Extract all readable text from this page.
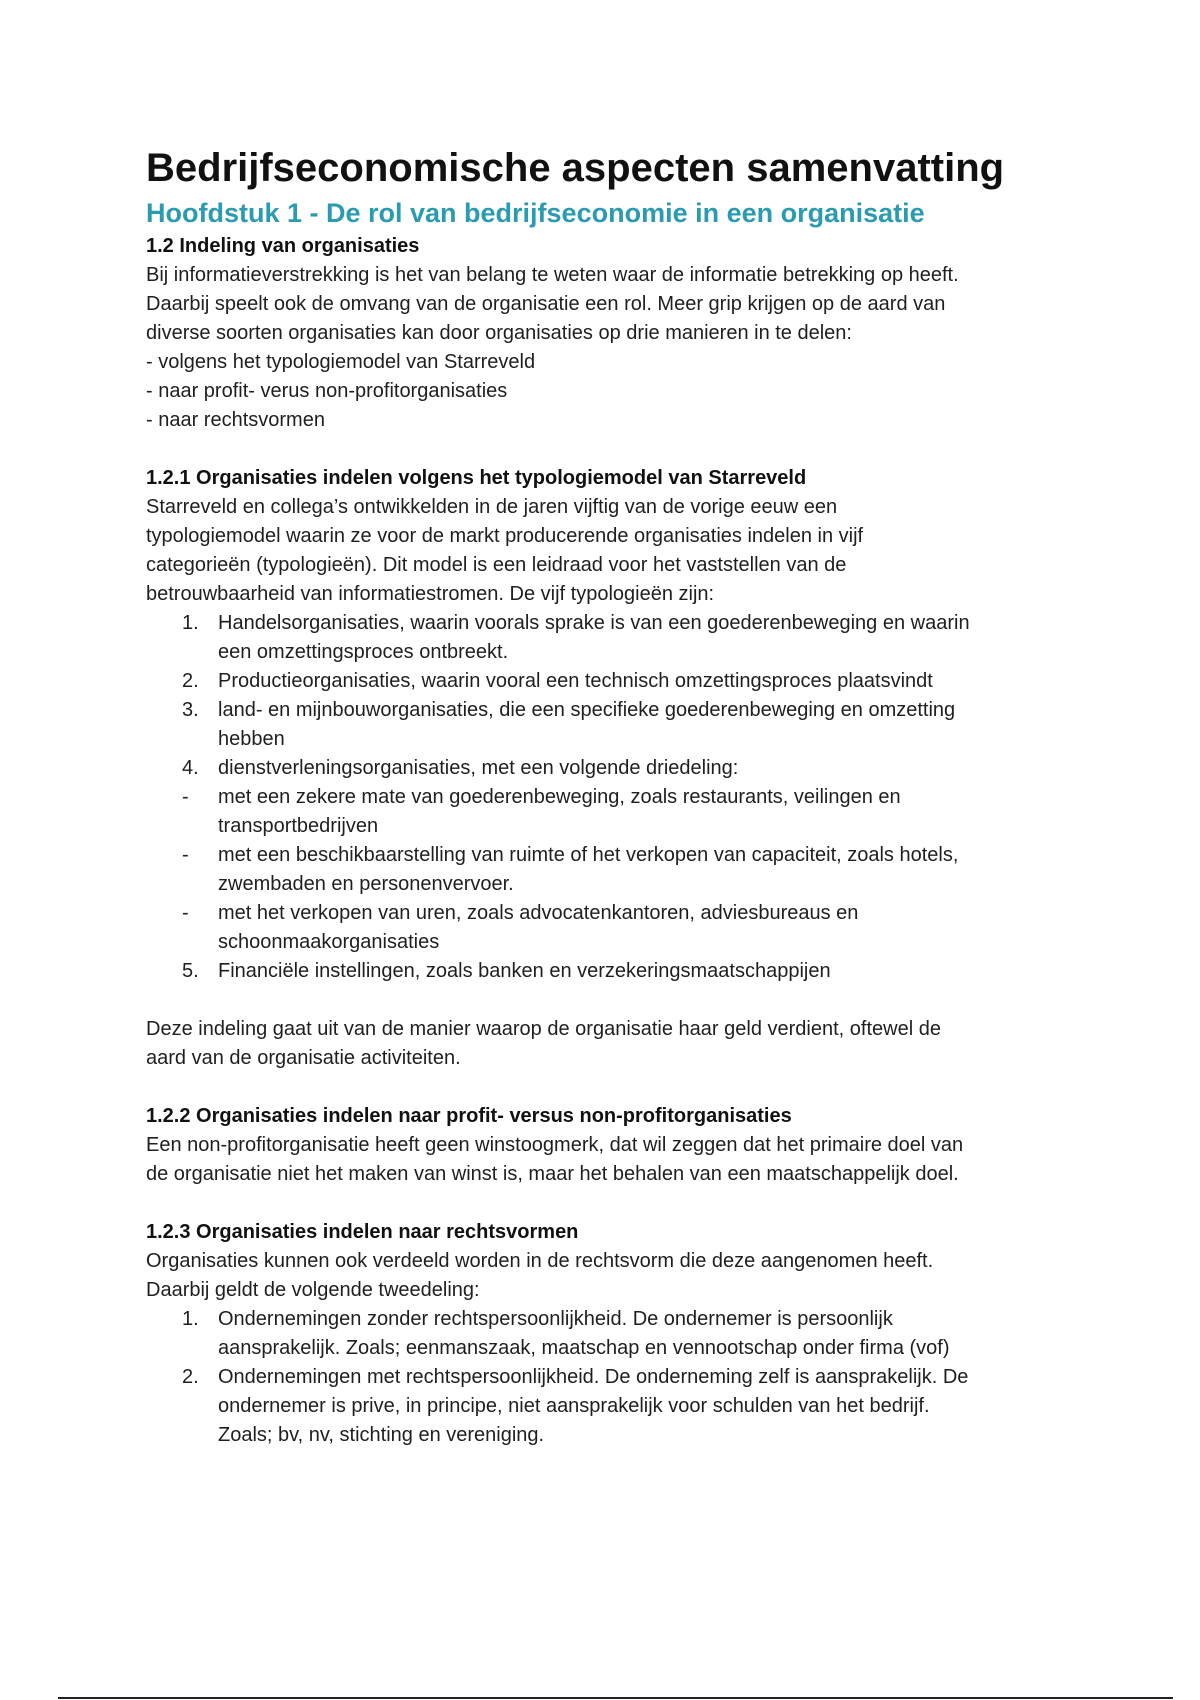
Bedrijfseconomische aspecten samenvatting
Hoofdstuk 1 - De rol van bedrijfseconomie in een organisatie
1.2 Indeling van organisaties

Bij informatieverstrekking is het van belang te weten waar de informatie betrekking op heeft.
Daarbij speelt ook de omvang van de organisatie een rol. Meer grip krijgen op de aard van
diverse soorten organisaties kan door organisaties op drie manieren in te delen:
- volgens het typologiemodel van Starreveld
- naar profit- verus non-profitorganisaties
- naar rechtsvormen

1.2.1 Organisaties indelen volgens het typologiemodel van Starreveld

Starreveld en collega’s ontwikkelden in de jaren vijftig van de vorige eeuw een
typologiemodel waarin ze voor de markt producerende organisaties indelen in vijf
categorieën (typologieën). Dit model is een leidraad voor het vaststellen van de
betrouwbaarheid van informatiestromen. De vijf typologieën zijn:

1. Handelsorganisaties, waarin voorals sprake is van een goederenbeweging en waarin
een omzettingsproces ontbreekt.
2. Productieorganisaties, waarin vooral een technisch omzettingsproces plaatsvindt
3. land- en mijnbouworganisaties, die een specifieke goederenbeweging en omzetting
hebben
4. dienstverleningsorganisaties, met een volgende driedeling:
-	met een zekere mate van goederenbeweging, zoals restaurants, veilingen en
transportbedrijven
-	met een beschikbaarstelling van ruimte of het verkopen van capaciteit, zoals hotels,
zwembaden en personenvervoer.
-	met het verkopen van uren, zoals advocatenkantoren, adviesbureaus en
schoonmaakorganisaties
5. Financiële instellingen, zoals banken en verzekeringsmaatschappijen

Deze indeling gaat uit van de manier waarop de organisatie haar geld verdient, oftewel de
aard van de organisatie activiteiten.

1.2.2 Organisaties indelen naar profit- versus non-profitorganisaties

Een non-profitorganisatie heeft geen winstoogmerk, dat wil zeggen dat het primaire doel van
de organisatie niet het maken van winst is, maar het behalen van een maatschappelijk doel.

1.2.3 Organisaties indelen naar rechtsvormen

Organisaties kunnen ook verdeeld worden in de rechtsvorm die deze aangenomen heeft.
Daarbij geldt de volgende tweedeling:

1. Ondernemingen zonder rechtspersoonlijkheid. De ondernemer is persoonlijk
aansprakelijk. Zoals; eenmanszaak, maatschap en vennootschap onder firma (vof)
2. Ondernemingen met rechtspersoonlijkheid. De onderneming zelf is aansprakelijk. De
ondernemer is prive, in principe, niet aansprakelijk voor schulden van het bedrijf.
Zoals; bv, nv, stichting en vereniging.
